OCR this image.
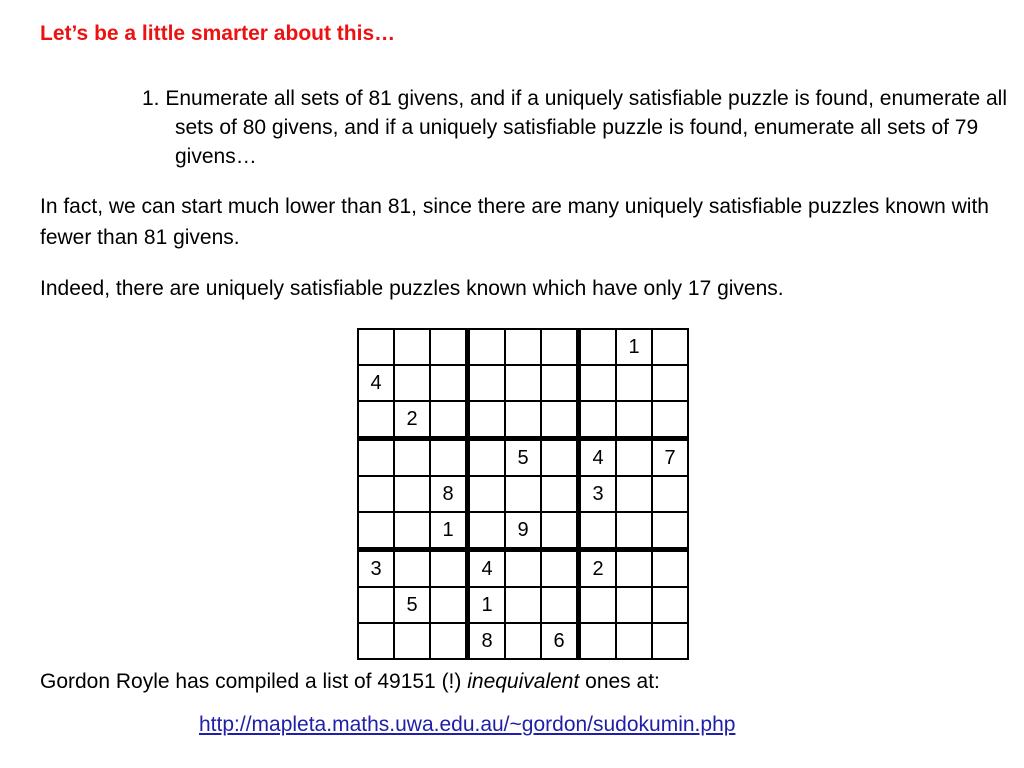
Let’s be a little smarter about this…
1. Enumerate all sets of 81 givens, and if a uniquely satisfiable puzzle is found, enumerate all sets of 80 givens, and if a uniquely satisfiable puzzle is found, enumerate all sets of 79 givens…
In fact, we can start much lower than 81, since there are many uniquely satisfiable puzzles known with fewer than 81 givens.
Indeed, there are uniquely satisfiable puzzles known which have only 17 givens.
							1	
4								
	2							
				5		4		7
		8				3		
		1		9				
3			4			2		
	5		1					
			8		6			
Gordon Royle has compiled a list of 49151 (!) inequivalent ones at:
http://mapleta.maths.uwa.edu.au/~gordon/sudokumin.php
